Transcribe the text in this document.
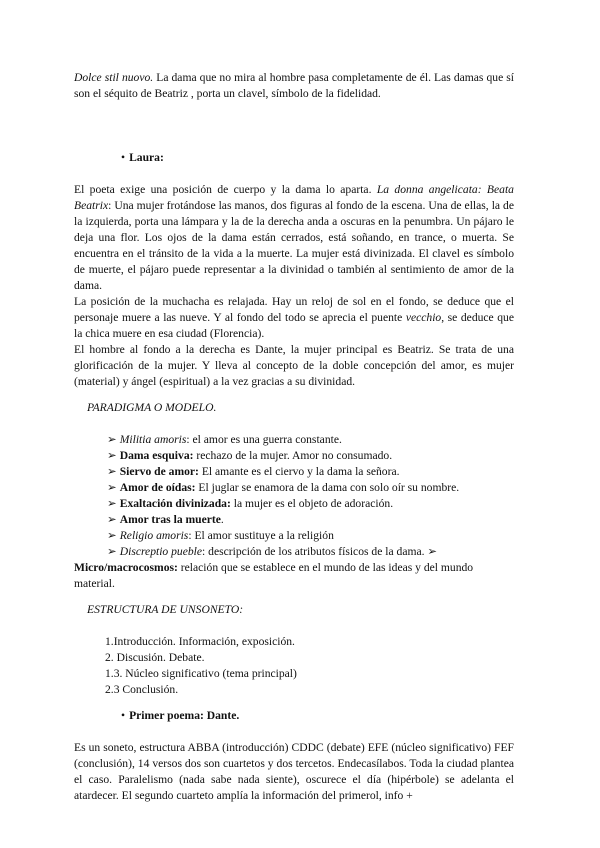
Dolce stil nuovo. La dama que no mira al hombre pasa completamente de él. Las damas que sí son el séquito de Beatriz , porta un clavel, símbolo de la fidelidad.

• Laura:

El poeta exige una posición de cuerpo y la dama lo aparta. La donna angelicata: Beata Beatrix: Una mujer frotándose las manos, dos figuras al fondo de la escena. Una de ellas, la de la izquierda, porta una lámpara y la de la derecha anda a oscuras en la penumbra. Un pájaro le deja una flor. Los ojos de la dama están cerrados, está soñando, en trance, o muerta. Se encuentra en el tránsito de la vida a la muerte. La mujer está divinizada. El clavel es símbolo de muerte, el pájaro puede representar a la divinidad o también al sentimiento de amor de la dama.

La posición de la muchacha es relajada. Hay un reloj de sol en el fondo, se deduce que el personaje muere a las nueve. Y al fondo del todo se aprecia el puente vecchio, se deduce que la chica muere en esa ciudad (Florencia).

El hombre al fondo a la derecha es Dante, la mujer principal es Beatriz. Se trata de una glorificación de la mujer. Y lleva al concepto de la doble concepción del amor, es mujer (material) y ángel (espiritual) a la vez gracias a su divinidad.

PARADIGMA O MODELO.

➢ Militia amoris: el amor es una guerra constante.
➢ Dama esquiva: rechazo de la mujer. Amor no consumado.
➢ Siervo de amor: El amante es el ciervo y la dama la señora.
➢ Amor de oídas: El juglar se enamora de la dama con solo oír su nombre.
➢ Exaltación divinizada: la mujer es el objeto de adoración.
➢ Amor tras la muerte.
➢ Religio amoris: El amor sustituye a la religión
➢ Discreptio pueble: descripción de los atributos físicos de la dama. ➢

Micro/macrocosmos: relación que se establece en el mundo de las ideas y del mundo material.

ESTRUCTURA DE UNSONETO:

1.Introducción. Información, exposición.
2. Discusión. Debate.
1.3. Núcleo significativo (tema principal)
2.3 Conclusión.

• Primer poema: Dante.

Es un soneto, estructura ABBA (introducción) CDDC (debate) EFE (núcleo significativo) FEF (conclusión), 14 versos dos son cuartetos y dos tercetos. Endecasílabos. Toda la ciudad plantea el caso. Paralelismo (nada sabe nada siente), oscurece el día (hipérbole) se adelanta el atardecer. El segundo cuarteto amplía la información del primerol, info +
